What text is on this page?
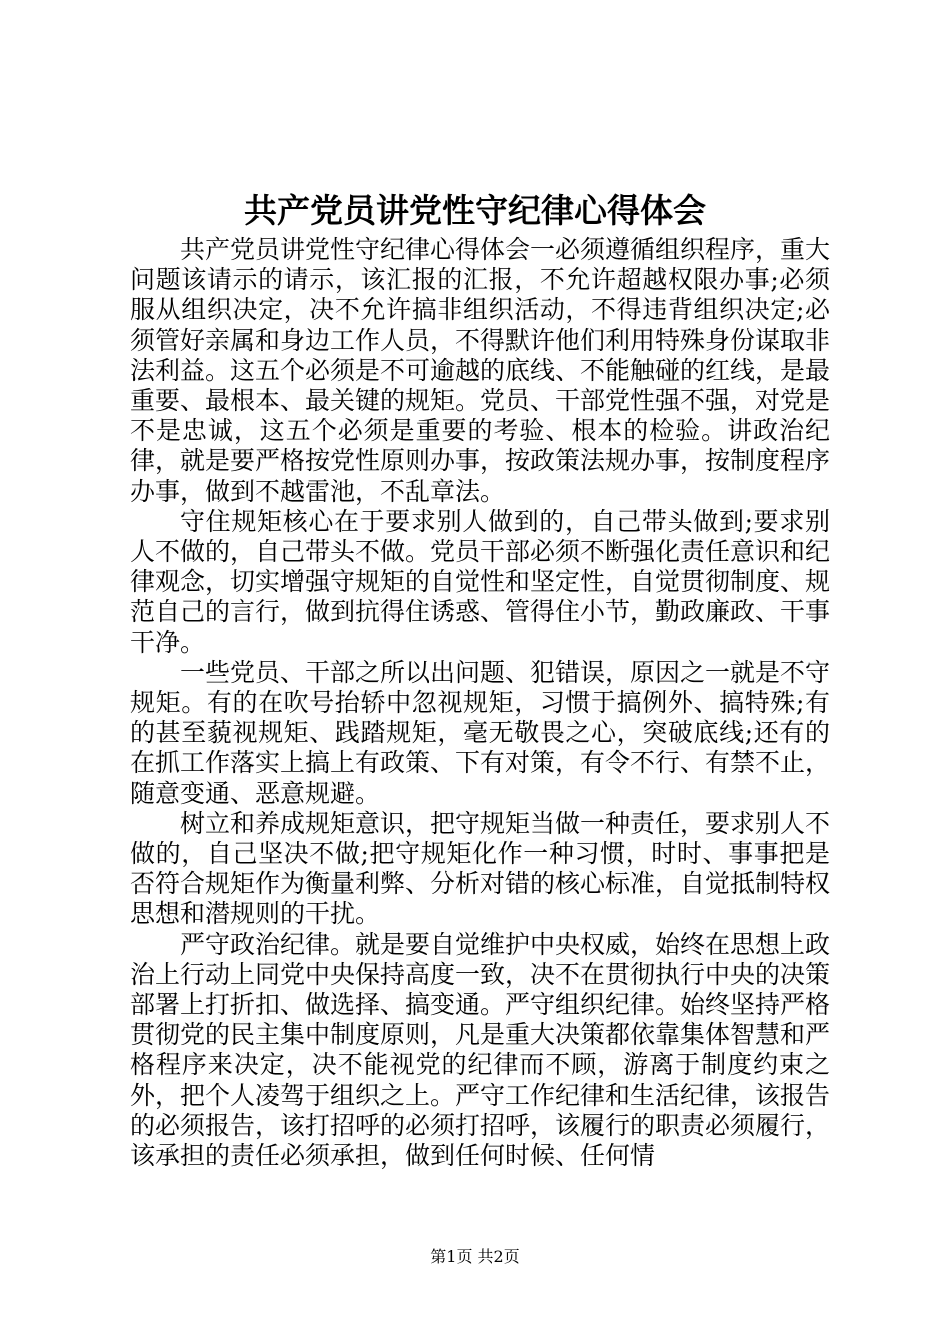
共产党员讲党性守纪律心得体会

共产党员讲党性守纪律心得体会一必须遵循组织程序，重大问题该请示的请示，该汇报的汇报，不允许超越权限办事;必须服从组织决定，决不允许搞非组织活动，不得违背组织决定;必须管好亲属和身边工作人员，不得默许他们利用特殊身份谋取非法利益。这五个必须是不可逾越的底线、不能触碰的红线，是最重要、最根本、最关键的规矩。党员、干部党性强不强，对党是不是忠诚，这五个必须是重要的考验、根本的检验。讲政治纪律，就是要严格按党性原则办事，按政策法规办事，按制度程序办事，做到不越雷池，不乱章法。

守住规矩核心在于要求别人做到的，自己带头做到;要求别人不做的，自己带头不做。党员干部必须不断强化责任意识和纪律观念，切实增强守规矩的自觉性和坚定性，自觉贯彻制度、规范自己的言行，做到抗得住诱惑、管得住小节，勤政廉政、干事干净。

一些党员、干部之所以出问题、犯错误，原因之一就是不守规矩。有的在吹号抬轿中忽视规矩，习惯于搞例外、搞特殊;有的甚至藐视规矩、践踏规矩，毫无敬畏之心，突破底线;还有的在抓工作落实上搞上有政策、下有对策，有令不行、有禁不止，随意变通、恶意规避。

树立和养成规矩意识，把守规矩当做一种责任，要求别人不做的，自己坚决不做;把守规矩化作一种习惯，时时、事事把是否符合规矩作为衡量利弊、分析对错的核心标准，自觉抵制特权思想和潜规则的干扰。

严守政治纪律。就是要自觉维护中央权威，始终在思想上政治上行动上同党中央保持高度一致，决不在贯彻执行中央的决策部署上打折扣、做选择、搞变通。严守组织纪律。始终坚持严格贯彻党的民主集中制度原则，凡是重大决策都依靠集体智慧和严格程序来决定，决不能视党的纪律而不顾，游离于制度约束之外，把个人凌驾于组织之上。严守工作纪律和生活纪律，该报告的必须报告，该打招呼的必须打招呼，该履行的职责必须履行，该承担的责任必须承担，做到任何时候、任何情

第1页 共2页
